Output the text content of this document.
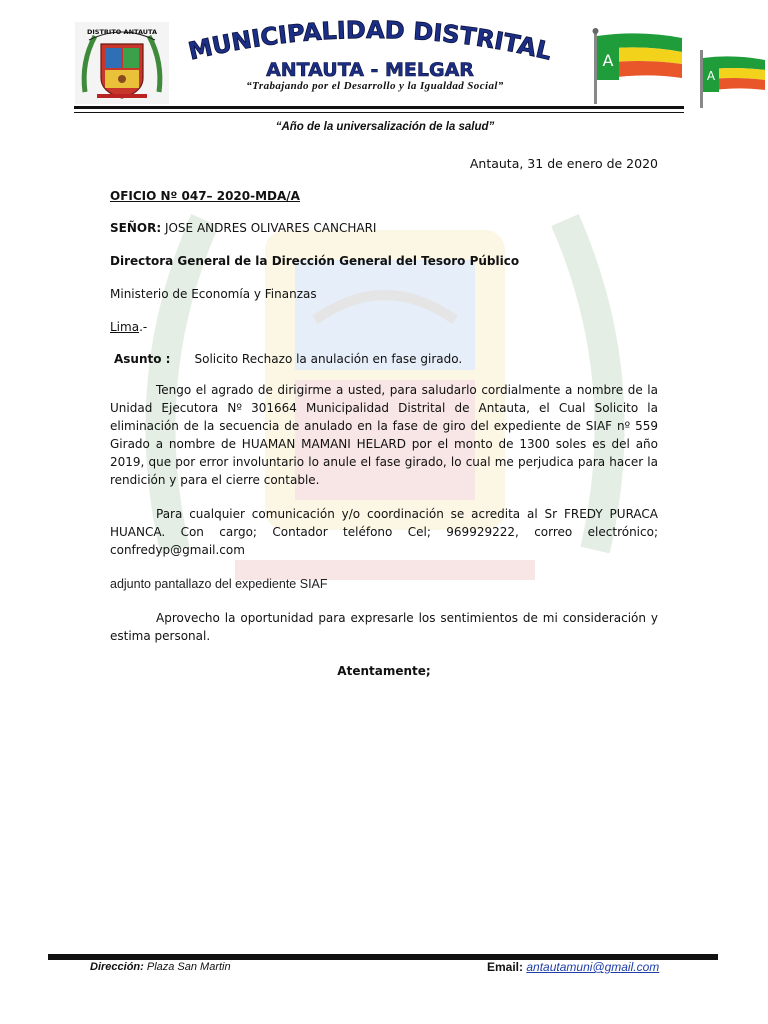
DISTRITO ANTAUTA
MUNICIPALIDAD DISTRITAL
ANTAUTA - MELGAR
“Trabajando por el Desarrollo y la Igualdad Social”
A
A
“Año de la universalización de la salud”
Antauta, 31 de enero de 2020
OFICIO Nº 047– 2020-MDA/A
SEÑOR: JOSE ANDRES OLIVARES CANCHARI
Directora General de la Dirección General del Tesoro Público
Ministerio de Economía y Finanzas
Lima.-
Asunto : Solicito Rechazo la anulación en fase girado.
Tengo el agrado de dirigirme a usted, para saludarlo cordialmente a nombre de la Unidad Ejecutora Nº 301664 Municipalidad Distrital de Antauta, el Cual Solicito la eliminación de la secuencia de anulado en la fase de giro del expediente de SIAF nº 559 Girado a nombre de HUAMAN MAMANI HELARD por el monto de 1300 soles es del año 2019, que por error involuntario lo anule el fase girado, lo cual me perjudica para hacer la rendición y para el cierre contable.
Para cualquier comunicación y/o coordinación se acredita al Sr FREDY PURACA HUANCA. Con cargo; Contador teléfono Cel; 969929222, correo electrónico; confredyp@gmail.com
adjunto pantallazo del expediente SIAF
Aprovecho la oportunidad para expresarle los sentimientos de mi consideración y estima personal.
Atentamente;
Dirección: Plaza San Martin	Email: antautamuni@gmail.com
